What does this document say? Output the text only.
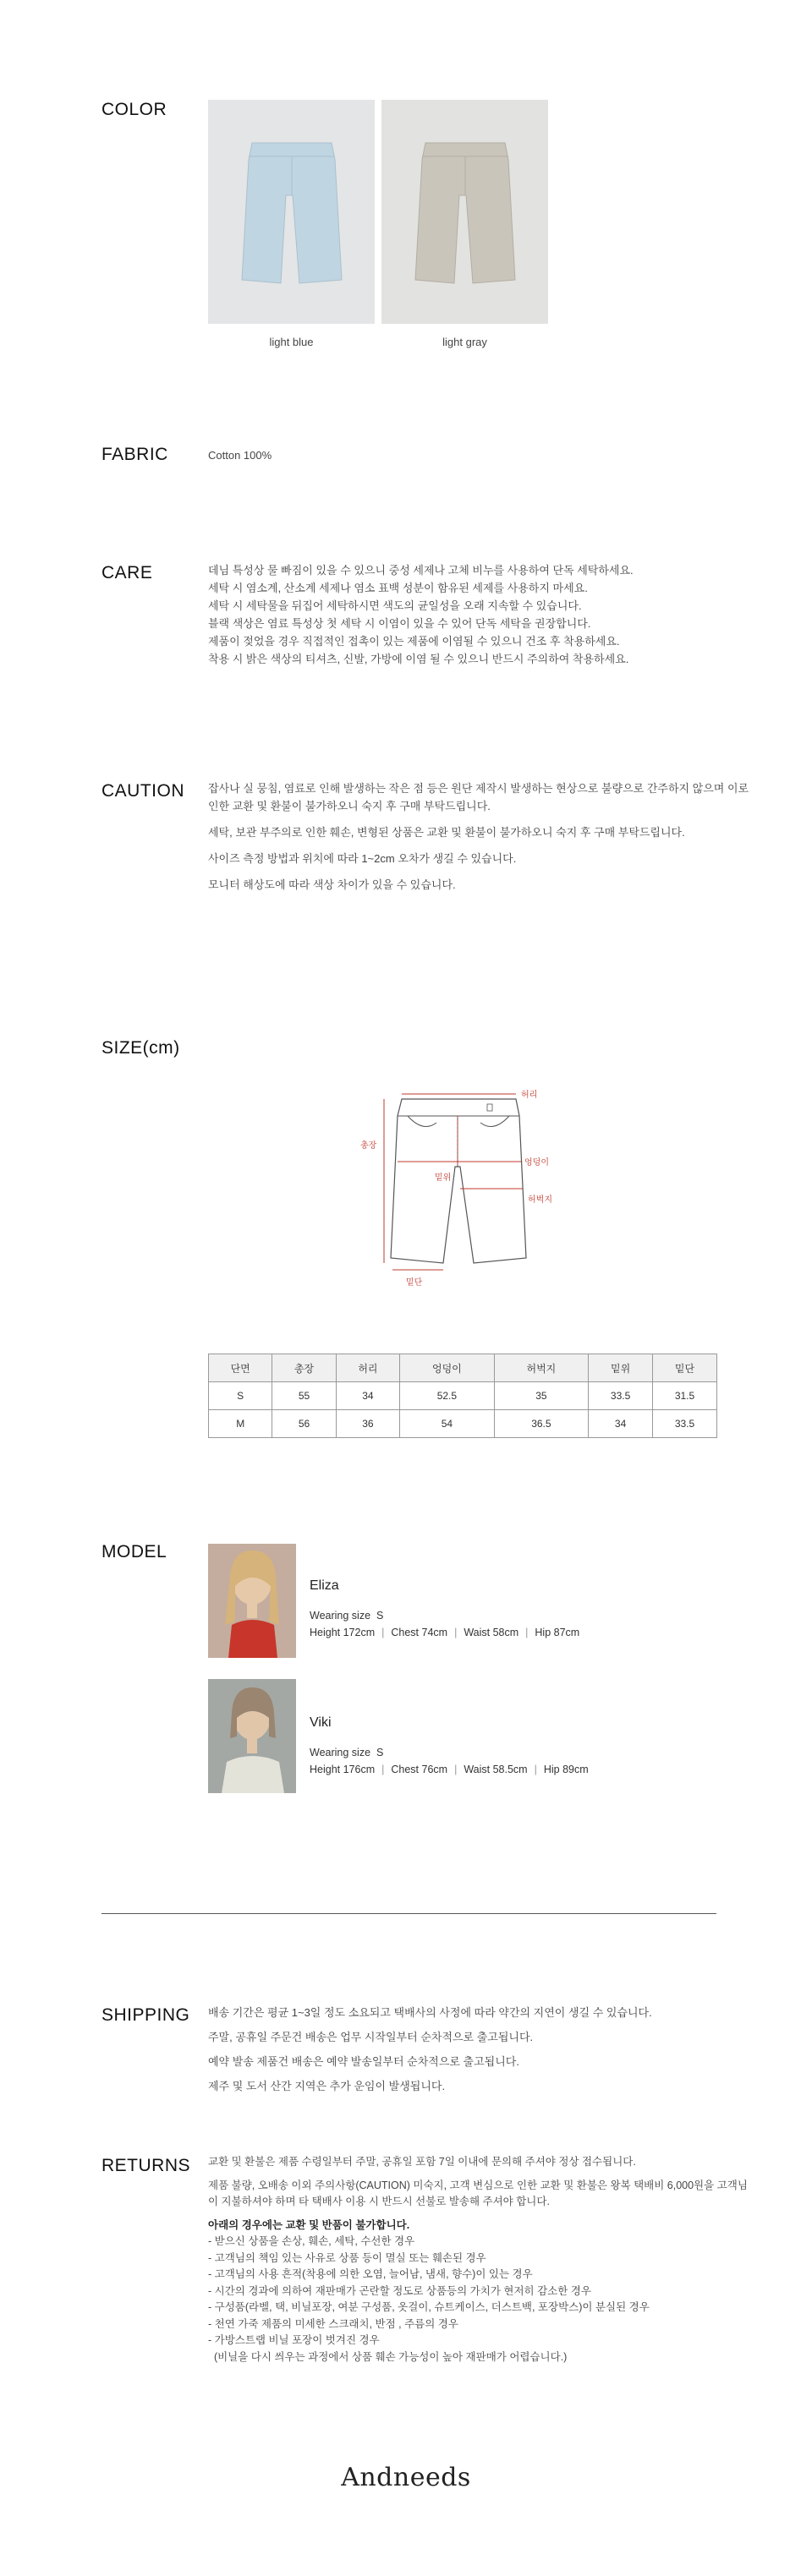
COLOR
light blue	light gray
FABRIC	Cotton 100%
CARE	데님 특성상 물 빠짐이 있을 수 있으니 중성 세제나 고체 비누를 사용하여 단독 세탁하세요.

세탁 시 염소계, 산소계 세제나 염소 표백 성분이 함유된 세제를 사용하지 마세요.

세탁 시 세탁물을 뒤집어 세탁하시면 색도의 균일성을 오래 지속할 수 있습니다.

블랙 색상은 염료 특성상 첫 세탁 시 이염이 있을 수 있어 단독 세탁을 권장합니다.

제품이 젖었을 경우 직접적인 접촉이 있는 제품에 이염될 수 있으니 건조 후 착용하세요.

착용 시 밝은 색상의 티셔츠, 신발, 가방에 이염 될 수 있으니 반드시 주의하여 착용하세요.

CAUTION 잡사나 실 뭉침, 염료로 인해 발생하는 작은 점 등은 원단 제작시 발생하는 현상으로 불량으로 간주하지 않으며 이로 인한 교환 및 환불이 불가하오니 숙지 후 구매 부탁드립니다.

세탁, 보관 부주의로 인한 훼손, 변형된 상품은 교환 및 환불이 불가하오니 숙지 후 구매 부탁드립니다.

사이즈 측정 방법과 위치에 따라 1~2cm 오차가 생길 수 있습니다.

모니터 해상도에 따라 색상 차이가 있을 수 있습니다.

SIZE(cm)
허리
총장
엉덩이
밑위
허벅지
밑단
단면	총장	허리	엉덩이	허벅지	밑위	밑단
S	55	34	52.5	35	33.5	31.5
M	56	36	54	36.5	34	33.5
MODEL
Eliza
Wearing size S
Height 172cm | Chest 74cm | Waist 58cm | Hip 87cm
Viki
Wearing size S
Height 176cm | Chest 76cm | Waist 58.5cm | Hip 89cm
SHIPPING 배송 기간은 평균 1~3일 정도 소요되고 택배사의 사정에 따라 약간의 지연이 생길 수 있습니다.

주말, 공휴일 주문건 배송은 업무 시작일부터 순차적으로 출고됩니다.

예약 발송 제품건 배송은 예약 발송일부터 순차적으로 출고됩니다.

제주 및 도서 산간 지역은 추가 운임이 발생됩니다.

RETURNS 교환 및 환불은 제품 수령일부터 주말, 공휴일 포함 7일 이내에 문의해 주셔야 정상 접수됩니다.

제품 불량, 오배송 이외 주의사항(CAUTION) 미숙지, 고객 변심으로 인한 교환 및 환불은 왕복 택배비 6,000원을 고객님이 지불하셔야 하며 타 택배사 이용 시 반드시 선불로 발송해 주셔야 합니다.

아래의 경우에는 교환 및 반품이 불가합니다.

- 받으신 상품을 손상, 훼손, 세탁, 수선한 경우

- 고객님의 책임 있는 사유로 상품 등이 멸실 또는 훼손된 경우

- 고객님의 사용 흔적(착용에 의한 오염, 늘어남, 냄새, 향수)이 있는 경우

- 시간의 경과에 의하여 재판매가 곤란할 정도로 상품등의 가치가 현저히 감소한 경우

- 구성품(라벨, 택, 비닐포장, 여분 구성품, 옷걸이, 슈트케이스, 더스트백, 포장박스)이 분실된 경우

- 천연 가죽 제품의 미세한 스크래치, 반점 , 주름의 경우

- 가방스트랩 비닐 포장이 벗겨진 경우

(비닐을 다시 씌우는 과정에서 상품 훼손 가능성이 높아 재판매가 어렵습니다.)

Andneeds
